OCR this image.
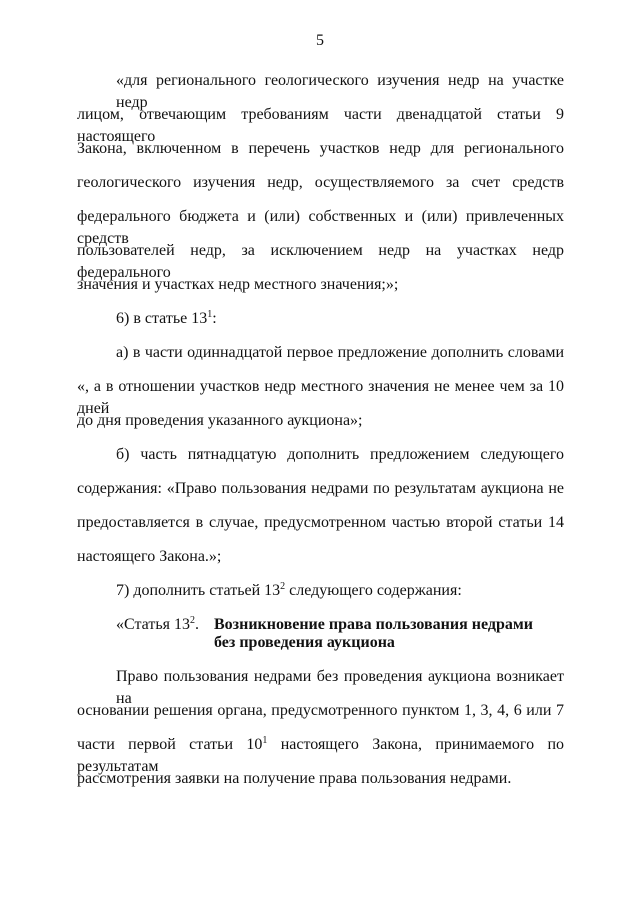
5
«для регионального геологического изучения недр на участке недр
лицом, отвечающим требованиям части двенадцатой статьи 9 настоящего
Закона, включенном в перечень участков недр для регионального
геологического изучения недр, осуществляемого за счет средств
федерального бюджета и (или) собственных и (или) привлеченных средств
пользователей недр, за исключением недр на участках недр федерального
значения и участках недр местного значения;»;
6) в статье $13^1$:
а) в части одиннадцатой первое предложение дополнить словами
«, а в отношении участков недр местного значения не менее чем за 10 дней
до дня проведения указанного аукциона»;
б) часть пятнадцатую дополнить предложением следующего
содержания: «Право пользования недрами по результатам аукциона не
предоставляется в случае, предусмотренном частью второй статьи 14
настоящего Закона.»;
7) дополнить статьей $13^2$ следующего содержания:
«Статья $13^2$. Возникновение права пользования недрами
без проведения аукциона
Право пользования недрами без проведения аукциона возникает на
основании решения органа, предусмотренного пунктом 1, 3, 4, 6 или 7
части первой статьи $10^1$ настоящего Закона, принимаемого по результатам
рассмотрения заявки на получение права пользования недрами.
